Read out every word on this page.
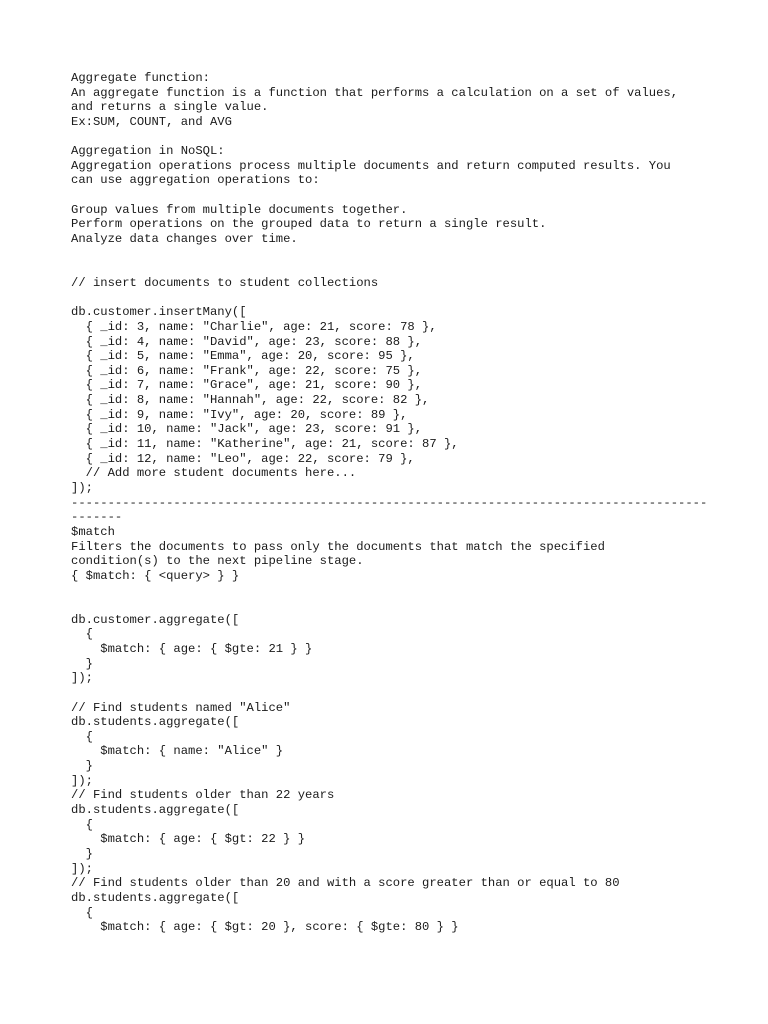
Aggregate function:
An aggregate function is a function that performs a calculation on a set of values,
and returns a single value.
Ex:SUM, COUNT, and AVG
Aggregation in NoSQL:
Aggregation operations process multiple documents and return computed results. You
can use aggregation operations to:
Group values from multiple documents together.
Perform operations on the grouped data to return a single result.
Analyze data changes over time.
// insert documents to student collections
db.customer.insertMany([
{ _id: 3, name: "Charlie", age: 21, score: 78 },
{ _id: 4, name: "David", age: 23, score: 88 },
{ _id: 5, name: "Emma", age: 20, score: 95 },
{ _id: 6, name: "Frank", age: 22, score: 75 },
{ _id: 7, name: "Grace", age: 21, score: 90 },
{ _id: 8, name: "Hannah", age: 22, score: 82 },
{ _id: 9, name: "Ivy", age: 20, score: 89 },
{ _id: 10, name: "Jack", age: 23, score: 91 },
{ _id: 11, name: "Katherine", age: 21, score: 87 },
{ _id: 12, name: "Leo", age: 22, score: 79 },
// Add more student documents here...
]);
---------------------------------------------------------------------------------------
-------
$match
Filters the documents to pass only the documents that match the specified
condition(s) to the next pipeline stage.
{ $match: { <query> } }
db.customer.aggregate([
{
$match: { age: { $gte: 21 } }
}
]);
// Find students named "Alice"
db.students.aggregate([
{
$match: { name: "Alice" }
}
]);
// Find students older than 22 years
db.students.aggregate([
{
$match: { age: { $gt: 22 } }
}
]);
// Find students older than 20 and with a score greater than or equal to 80
db.students.aggregate([
{
$match: { age: { $gt: 20 }, score: { $gte: 80 } }
